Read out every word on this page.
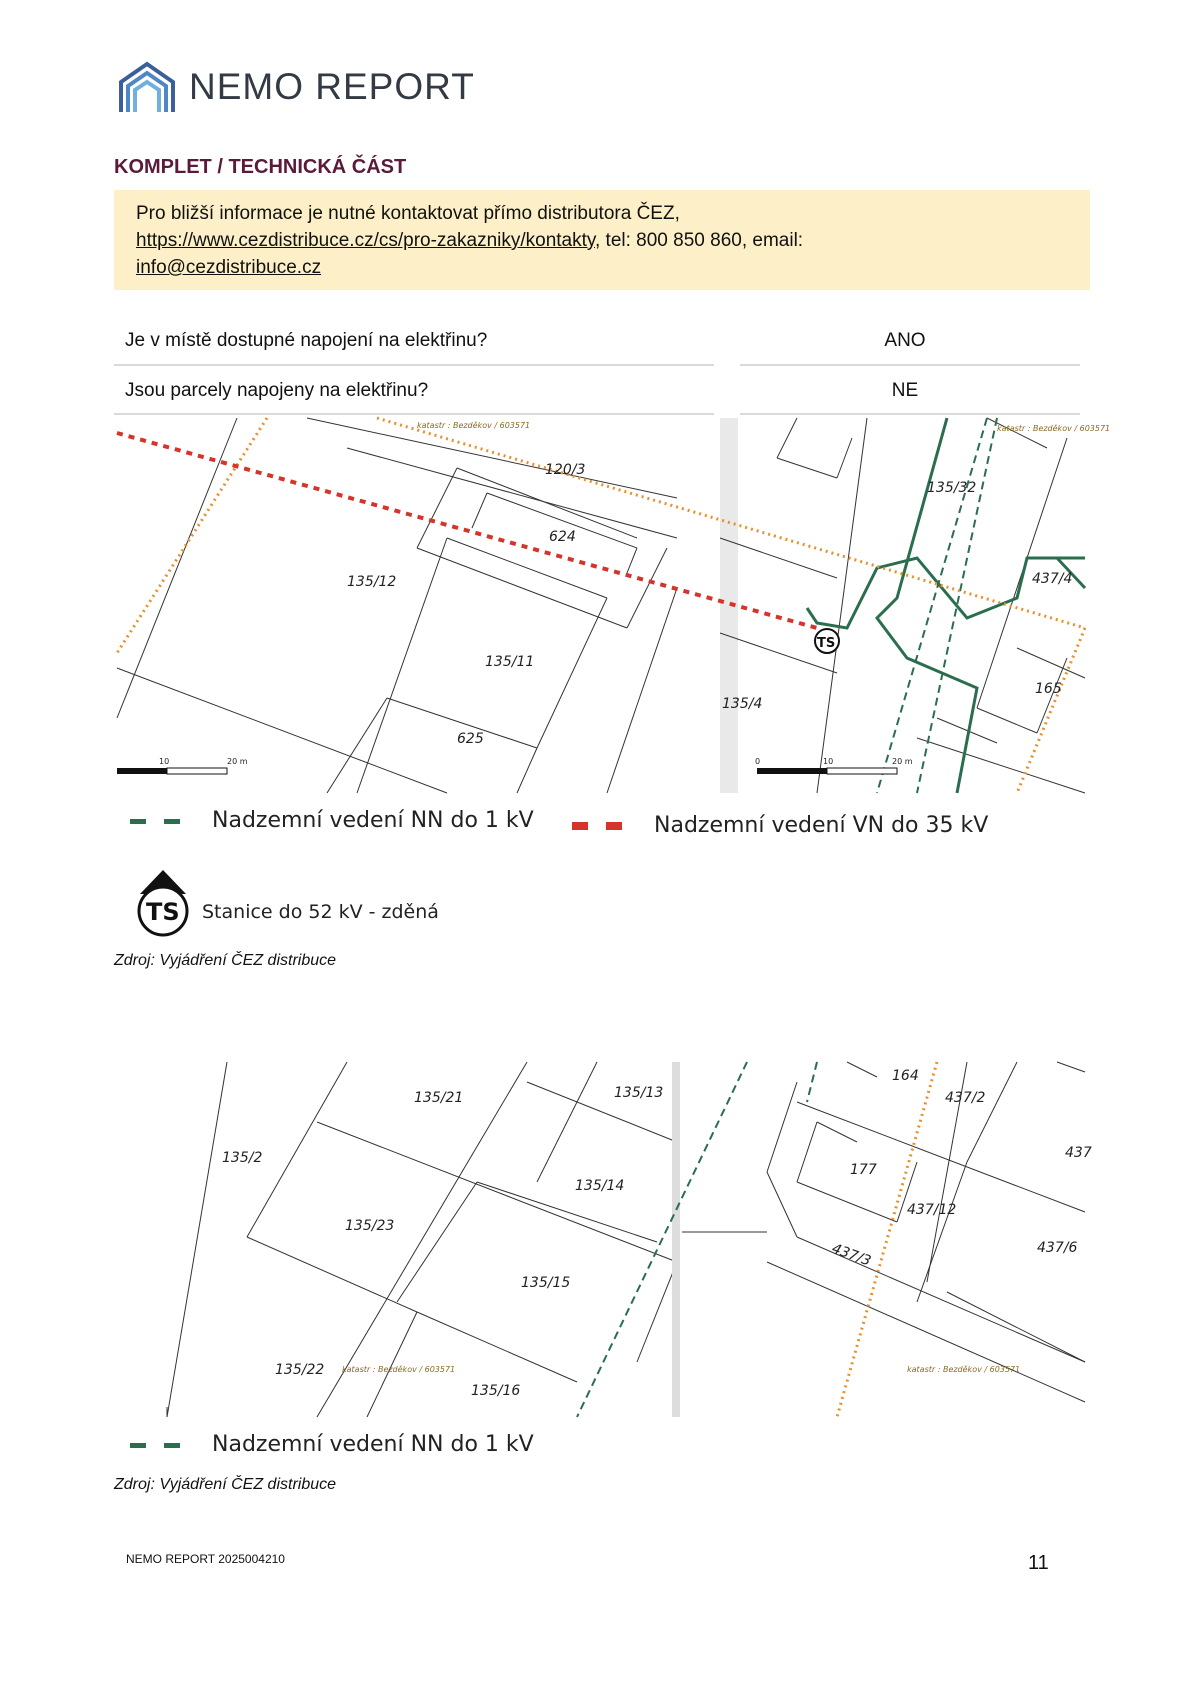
NEMO REPORT
KOMPLET / TECHNICKÁ ČÁST
Pro bližší informace je nutné kontaktovat přímo distributora ČEZ,
https://www.cezdistribuce.cz/cs/pro-zakazniky/kontakty, tel: 800 850 860, email:
info@cezdistribuce.cz
Je v místě dostupné napojení na elektřinu?	ANO
Jsou parcely napojeny na elektřinu?	NE
TS
120/3
624
135/12
135/11
625
135/32
437/4
135/4
165
katastr : Bezděkov / 603571	katastr : Bezděkov / 603571
10	20 m	0	10	20 m
Nadzemní vedení NN do 1 kV	Nadzemní vedení VN do 35 kV
TS Stanice do 52 kV - zděná
Zdroj: Vyjádření ČEZ distribuce
135/2
135/21	135/13
135/14
135/23
135/15
135/22
135/16
164
437/2
177
437/12
437/3	437/6
437
katastr : Bezděkov / 603571	katastr : Bezděkov / 603571
Nadzemní vedení NN do 1 kV
Zdroj: Vyjádření ČEZ distribuce
NEMO REPORT 2025004210	11
